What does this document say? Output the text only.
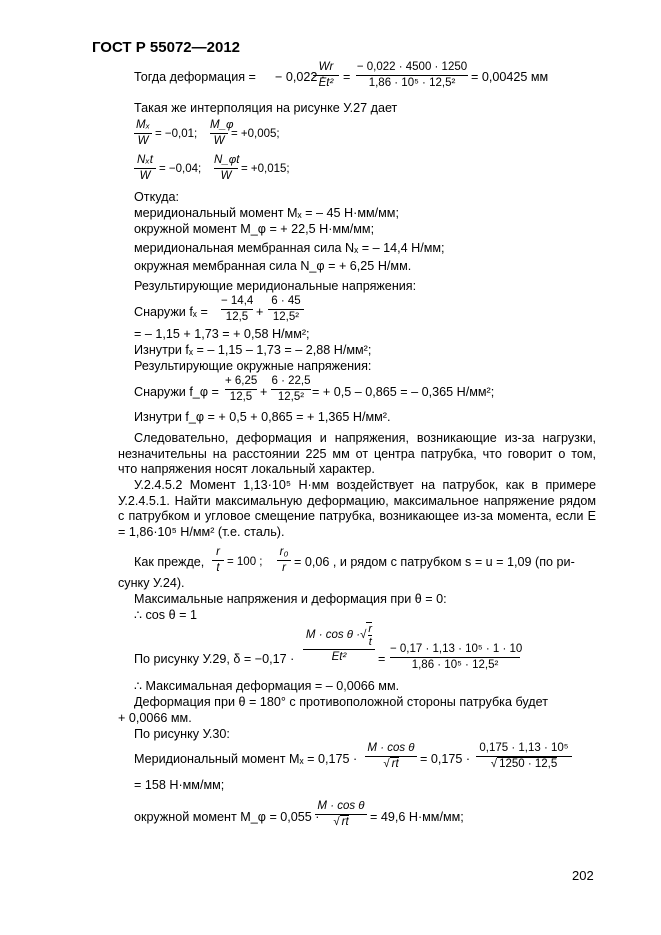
ГОСТ Р 55072—2012
Тогда деформация = − 0,022 ·
Wr
Et² =
− 0,022 · 4500 · 1250
1,86 · 10⁵ · 12,5²	= 0,00425 мм
Такая же интерполяция на рисунке У.27 дает
Mₓ
W
= −0,01;
M_φ
W
= +0,005;
Nₓt
W
= −0,04;
N_φt
W
= +0,015;
Откуда:
меридиональный момент Mₓ = – 45 Н·мм/мм;
окружной момент M_φ = + 22,5 Н·мм/мм;
меридиональная мембранная сила Nₓ = – 14,4 Н/мм;
окружная мембранная сила N_φ = + 6,25 Н/мм.
Результирующие меридиональные напряжения:
Снаружи fₓ =
− 14,4
12,5 +
6 · 45
12,5²
= – 1,15 + 1,73 = + 0,58 Н/мм²;
Изнутри fₓ = – 1,15 – 1,73 = – 2,88 Н/мм²;
Результирующие окружные напряжения:
Снаружи f_φ =
+ 6,25
12,5 +
6 · 22,5
12,5² = + 0,5 – 0,865 = – 0,365 Н/мм²;
Изнутри f_φ = + 0,5 + 0,865 = + 1,365 Н/мм².
Следовательно, деформация и напряжения, возникающие из-за нагрузки,
незначительны на расстоянии 225 мм от центра патрубка, что говорит о том,
что напряжения носят локальный характер.
У.2.4.5.2 Момент 1,13·10⁵ Н·мм воздействует на патрубок, как в примере
У.2.4.5.1. Найти максимальную деформацию, максимальное напряжение рядом
с патрубком и угловое смещение патрубка, возникающее из-за момента, если E
= 1,86·10⁵ Н/мм² (т.е. сталь).
Как прежде,
r
t = 100 ;
r₀
r = 0,06 , и рядом с патрубком s = u = 1,09 (по ри-
сунку У.24).
Максимальные напряжения и деформация при θ = 0:
∴ cos θ = 1
По рисунку У.29, δ = −0,17 ·
M · cos θ ·√ $\frac{r}{t}$
Et²	=
− 0,17 · 1,13 · 10⁵ · 1 · 10
1,86 · 10⁵ · 12,5²
∴ Максимальная деформация = – 0,0066 мм.
Деформация при θ = 180° с противоположной стороны патрубка будет
+ 0,0066 мм.
По рисунку У.30:
Меридиональный момент Mₓ = 0,175 ·
M · cos θ
√ rt	= 0,175 ·
0,175 · 1,13 · 10⁵
√ 1250 · 12,5
= 158 Н·мм/мм;
окружной момент M_φ = 0,055 ·
M · cos θ
√ rt	= 49,6 Н·мм/мм;
202
